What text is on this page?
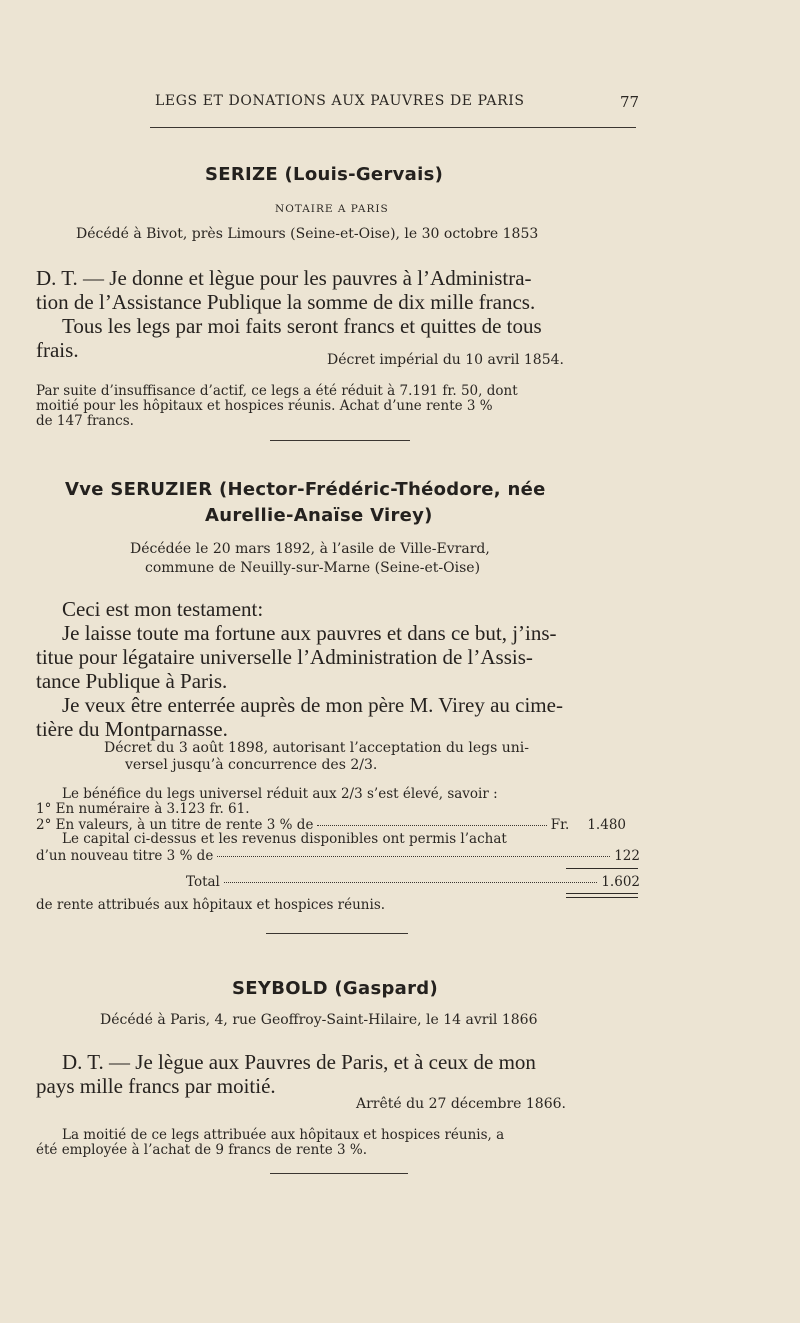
LEGS ET DONATIONS AUX PAUVRES DE PARIS	77
SERIZE (Louis-Gervais)
NOTAIRE A PARIS
Décédé à Bivot, près Limours (Seine-et-Oise), le 30 octobre 1853
D. T. — Je donne et lègue pour les pauvres à l’Administra-
tion de l’Assistance Publique la somme de dix mille francs.
Tous les legs par moi faits seront francs et quittes de tous
frais.	Décret impérial du 10 avril 1854.
Par suite d’insuffisance d’actif, ce legs a été réduit à 7.191 fr. 50, dont
moitié pour les hôpitaux et hospices réunis. Achat d’une rente 3 %
de 147 francs.
Vve SERUZIER (Hector-Frédéric-Théodore, née
Aurellie-Anaïse Virey)
Décédée le 20 mars 1892, à l’asile de Ville-Evrard,
commune de Neuilly-sur-Marne (Seine-et-Oise)
Ceci est mon testament:
Je laisse toute ma fortune aux pauvres et dans ce but, j’ins-
titue pour légataire universelle l’Administration de l’Assis-
tance Publique à Paris.
Je veux être enterrée auprès de mon père M. Virey au cime-
tière du Montparnasse.
Décret du 3 août 1898, autorisant l’acceptation du legs uni-
versel jusqu’à concurrence des 2/3.
Le bénéfice du legs universel réduit aux 2/3 s’est élevé, savoir :
1° En numéraire à 3.123 fr. 61.
2° En valeurs, à un titre de rente 3 % de	Fr. 1.480
Le capital ci-dessus et les revenus disponibles ont permis l’achat
d’un nouveau titre 3 % de	122
Total	1.602
de rente attribués aux hôpitaux et hospices réunis.
SEYBOLD (Gaspard)
Décédé à Paris, 4, rue Geoffroy-Saint-Hilaire, le 14 avril 1866
D. T. — Je lègue aux Pauvres de Paris, et à ceux de mon
pays mille francs par moitié.
Arrêté du 27 décembre 1866.
La moitié de ce legs attribuée aux hôpitaux et hospices réunis, a
été employée à l’achat de 9 francs de rente 3 %.
